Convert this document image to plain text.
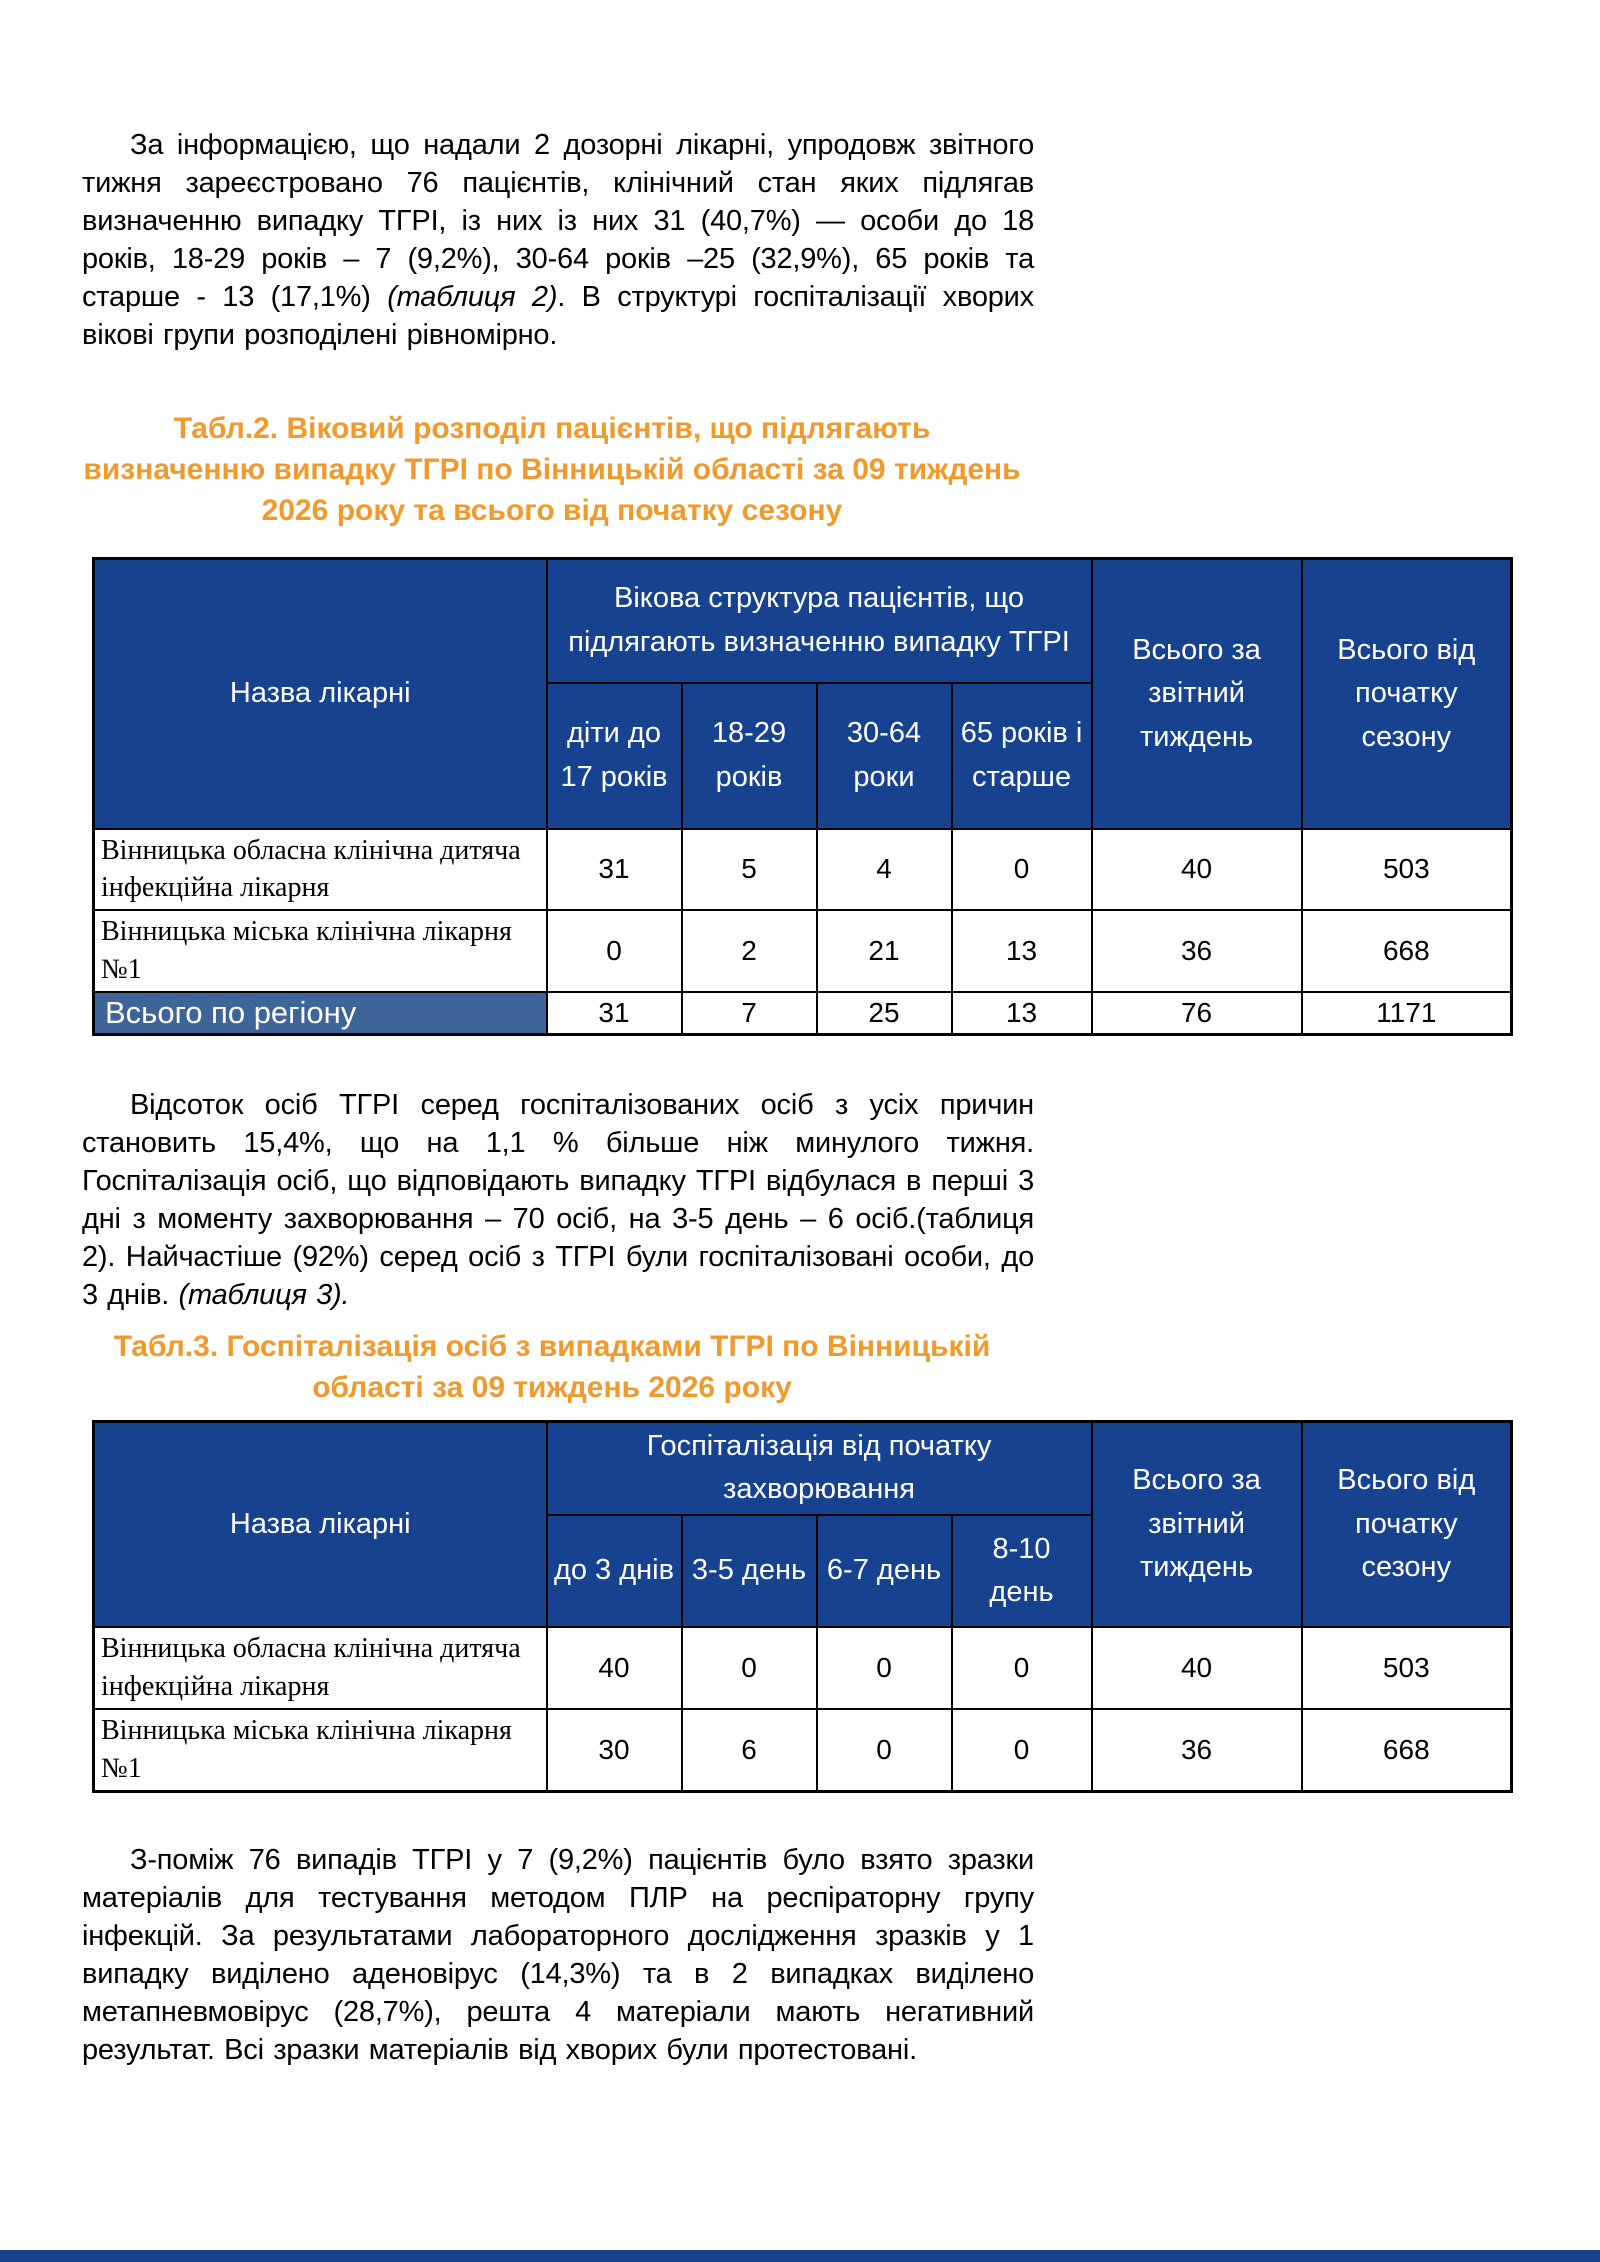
За інформацією, що надали 2 дозорні лікарні, упродовж звітного тижня зареєстровано 76 пацієнтів, клінічний стан яких підлягав визначенню випадку ТГРІ, із них із них 31 (40,7%) — особи до 18 років, 18-29 років – 7 (9,2%), 30-64 років –25 (32,9%), 65 років та старше - 13 (17,1%) (таблиця 2). В структурі госпіталізації хворих вікові групи розподілені рівномірно.

Табл.2. Віковий розподіл пацієнтів, що підлягають визначенню випадку ТГРІ по Вінницькій області за 09 тиждень 2026 року та всього від початку сезону

Назва лікарні	Вікова структура пацієнтів, що підлягають визначенню випадку ТГРІ				Всього за звітний тиждень	Всього від початку сезону
	діти до 17 років	18-29 років	30-64 роки	65 років і старше		
Вінницька обласна клінічна дитяча інфекційна лікарня	31	5	4	0	40	503
Вінницька міська клінічна лікарня №1	0	2	21	13	36	668
Всього по регіону	31	7	25	13	76	1171

Відсоток осіб ТГРІ серед госпіталізованих осіб з усіх причин становить 15,4%, що на 1,1 % більше ніж минулого тижня. Госпіталізація осіб, що відповідають випадку ТГРІ відбулася в перші 3 дні з моменту захворювання – 70 осіб, на 3-5 день – 6 осіб.(таблиця 2). Найчастіше (92%) серед осіб з ТГРІ були госпіталізовані особи, до 3 днів. (таблиця 3).

Табл.3. Госпіталізація осіб з випадками ТГРІ по Вінницькій області за 09 тиждень 2026 року

Назва лікарні	Госпіталізація від початку захворювання				Всього за звітний тиждень	Всього від початку сезону
	до 3 днів	3-5 день	6-7 день	8-10 день		
Вінницька обласна клінічна дитяча інфекційна лікарня	40	0	0	0	40	503
Вінницька міська клінічна лікарня №1	30	6	0	0	36	668

З-поміж 76 випадів ТГРІ у 7 (9,2%) пацієнтів було взято зразки матеріалів для тестування методом ПЛР на респіраторну групу інфекцій. За результатами лабораторного дослідження зразків у 1 випадку виділено аденовірус (14,3%) та в 2 випадках виділено метапневмовірус (28,7%), решта 4 матеріали мають негативний результат. Всі зразки матеріалів від хворих були протестовані.
